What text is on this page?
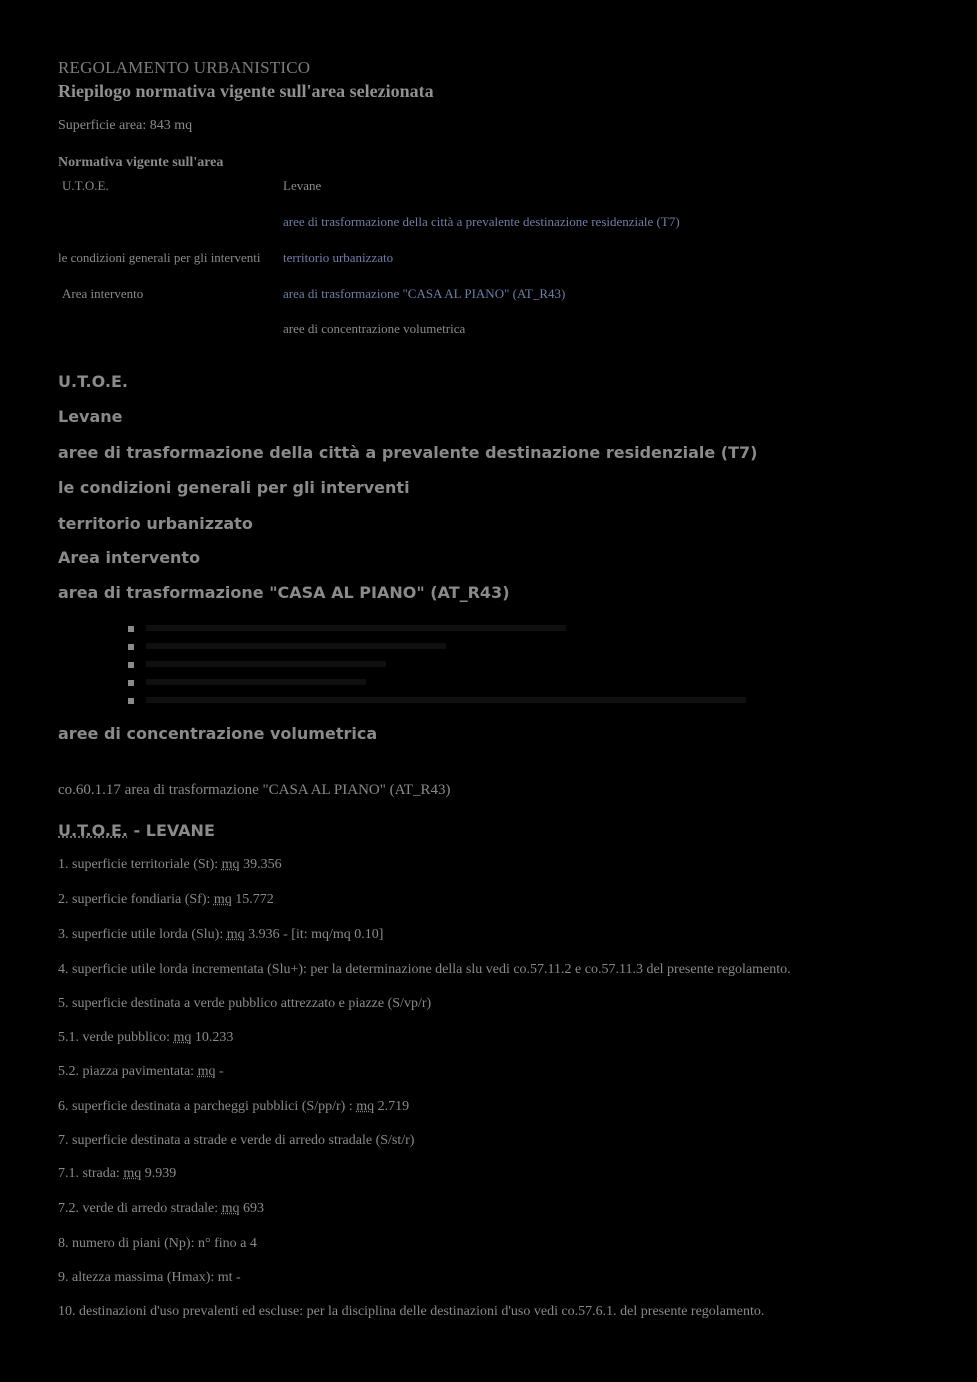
REGOLAMENTO URBANISTICO
Riepilogo normativa vigente sull'area selezionata
Superficie area: 843 mq
Normativa vigente sull'area
U.T.O.E.	Levane
aree di trasformazione della città a prevalente destinazione residenziale (T7)
le condizioni generali per gli interventi territorio urbanizzato
Area intervento	area di trasformazione "CASA AL PIANO" (AT_R43)
aree di concentrazione volumetrica
U.T.O.E.
Levane
aree di trasformazione della città a prevalente destinazione residenziale (T7)
le condizioni generali per gli interventi
territorio urbanizzato
Area intervento
area di trasformazione "CASA AL PIANO" (AT_R43)
aree di concentrazione volumetrica
co.60.1.17 area di trasformazione "CASA AL PIANO" (AT_R43)
U.T.O.E. - LEVANE
1. superficie territoriale (St): mq 39.356
2. superficie fondiaria (Sf): mq 15.772
3. superficie utile lorda (Slu): mq 3.936 - [it: mq/mq 0.10]
4. superficie utile lorda incrementata (Slu+): per la determinazione della slu vedi co.57.11.2 e co.57.11.3 del presente regolamento.
5. superficie destinata a verde pubblico attrezzato e piazze (S/vp/r)
5.1. verde pubblico: mq 10.233
5.2. piazza pavimentata: mq -
6. superficie destinata a parcheggi pubblici (S/pp/r) : mq 2.719
7. superficie destinata a strade e verde di arredo stradale (S/st/r)
7.1. strada: mq 9.939
7.2. verde di arredo stradale: mq 693
8. numero di piani (Np): n° fino a 4
9. altezza massima (Hmax): mt -
10. destinazioni d'uso prevalenti ed escluse: per la disciplina delle destinazioni d'uso vedi co.57.6.1. del presente regolamento.
